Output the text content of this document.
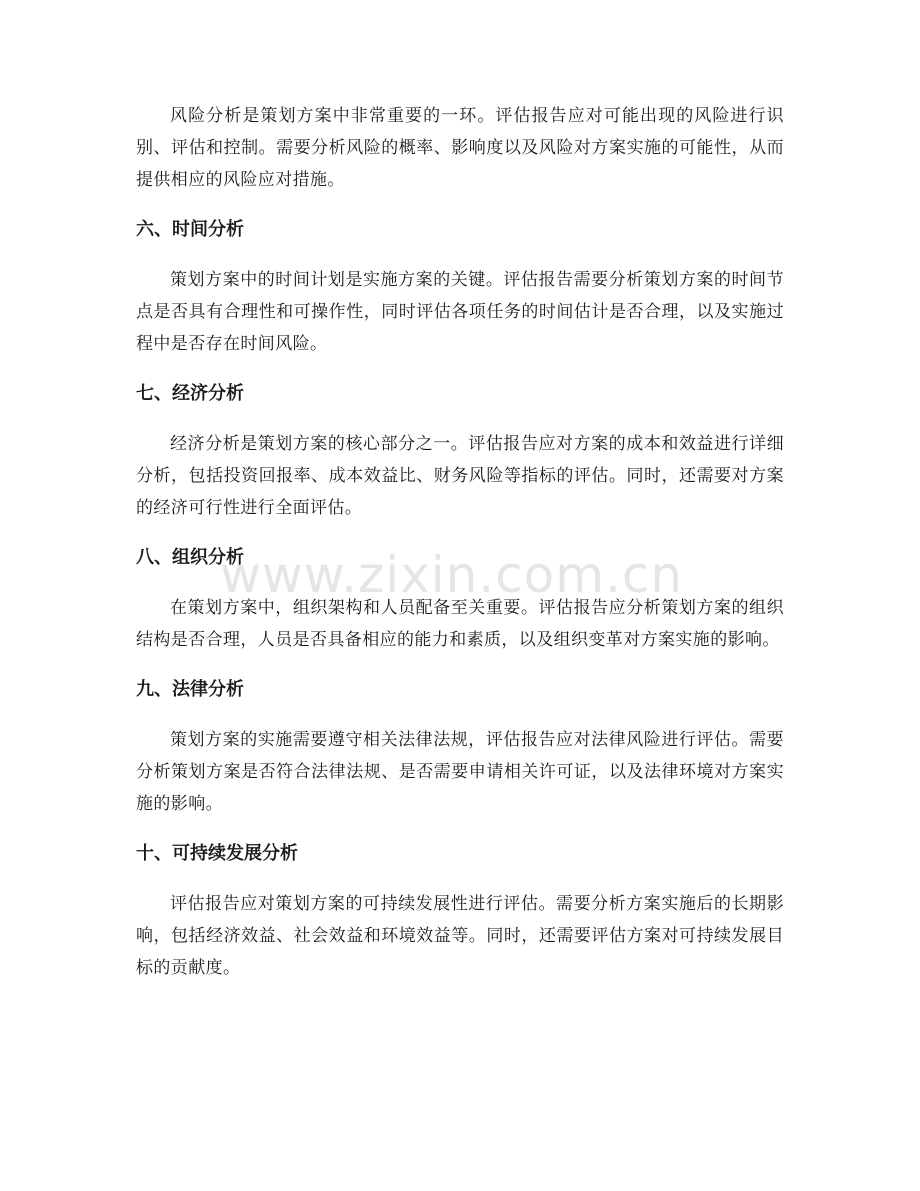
风险分析是策划方案中非常重要的一环。评估报告应对可能出现的风险进行识别、评估和控制。需要分析风险的概率、影响度以及风险对方案实施的可能性，从而提供相应的风险应对措施。

六、时间分析

策划方案中的时间计划是实施方案的关键。评估报告需要分析策划方案的时间节点是否具有合理性和可操作性，同时评估各项任务的时间估计是否合理，以及实施过程中是否存在时间风险。

七、经济分析

经济分析是策划方案的核心部分之一。评估报告应对方案的成本和效益进行详细分析，包括投资回报率、成本效益比、财务风险等指标的评估。同时，还需要对方案的经济可行性进行全面评估。

八、组织分析

在策划方案中，组织架构和人员配备至关重要。评估报告应分析策划方案的组织结构是否合理，人员是否具备相应的能力和素质，以及组织变革对方案实施的影响。

九、法律分析

策划方案的实施需要遵守相关法律法规，评估报告应对法律风险进行评估。需要分析策划方案是否符合法律法规、是否需要申请相关许可证，以及法律环境对方案实施的影响。

十、可持续发展分析

评估报告应对策划方案的可持续发展性进行评估。需要分析方案实施后的长期影响，包括经济效益、社会效益和环境效益等。同时，还需要评估方案对可持续发展目标的贡献度。

www.zixin.com.cn
